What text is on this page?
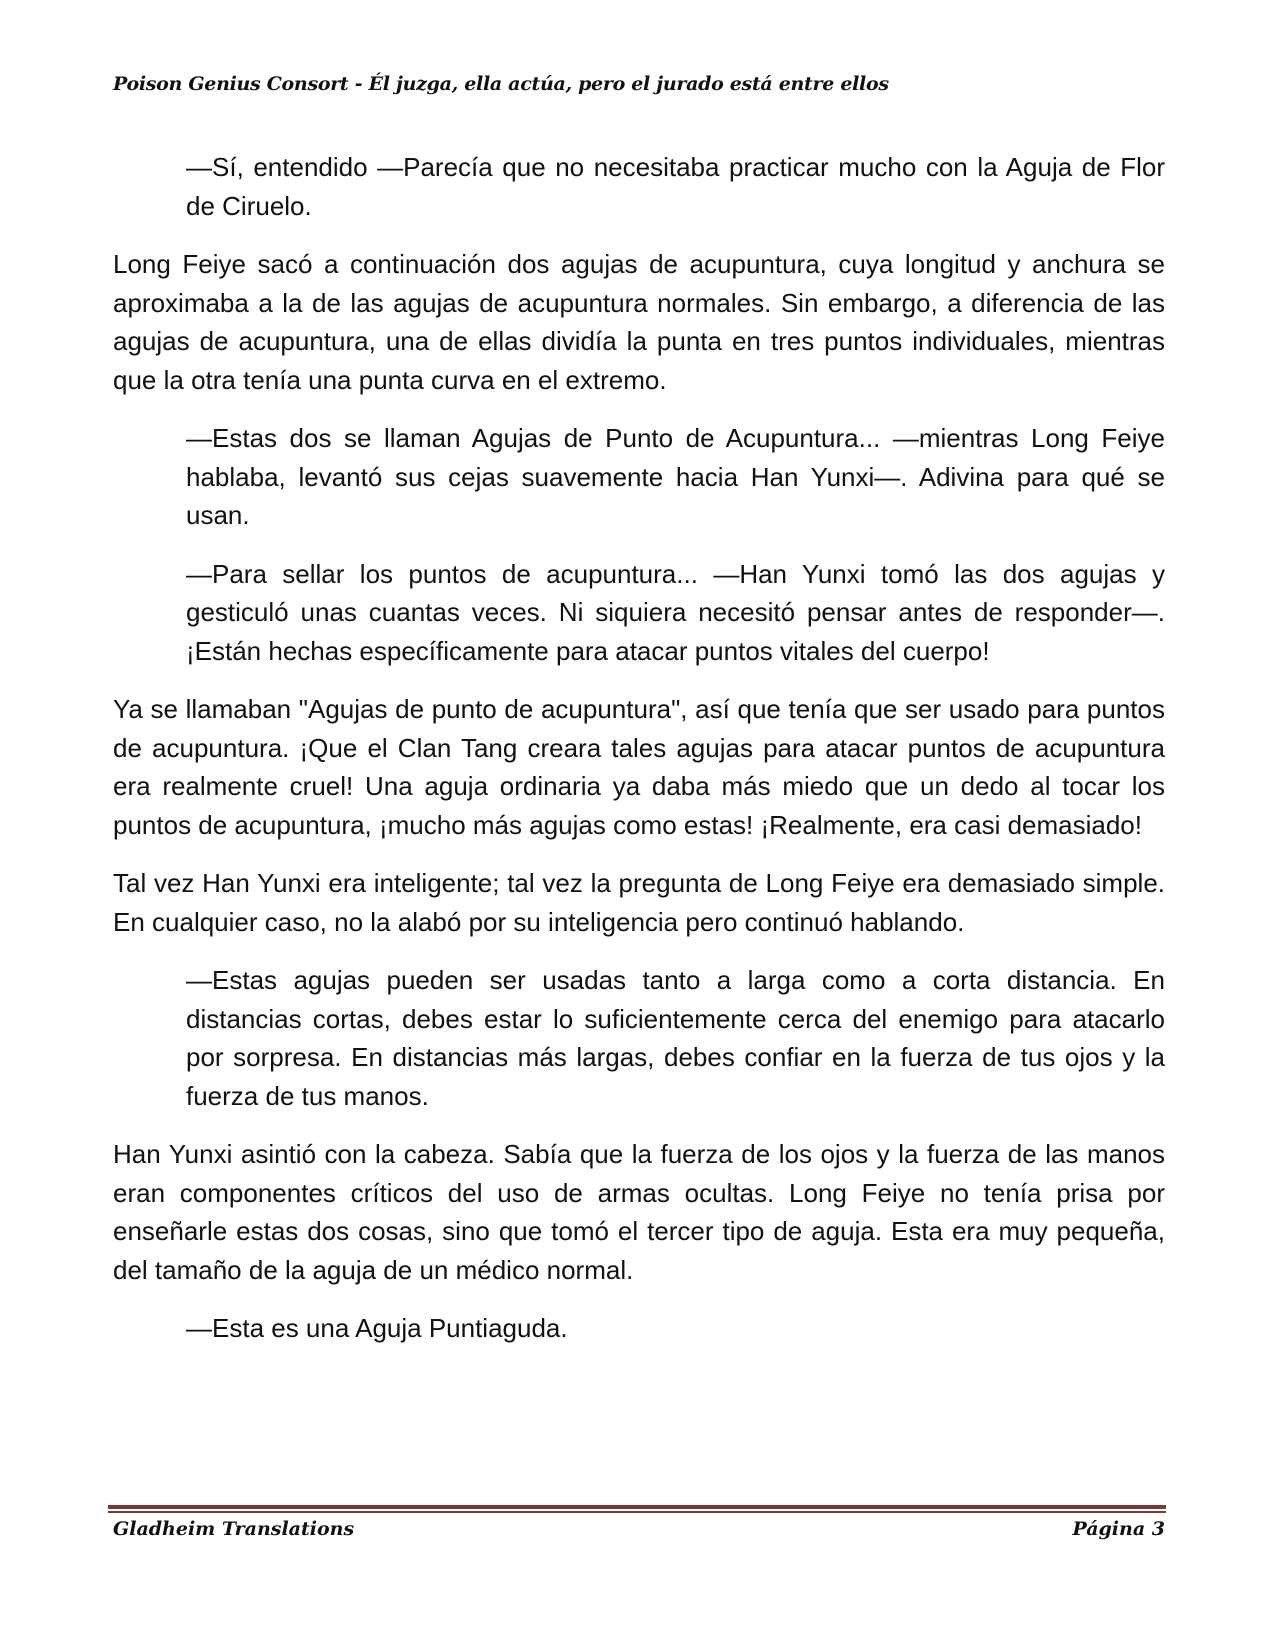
Poison Genius Consort - Él juzga, ella actúa, pero el jurado está entre ellos

—Sí, entendido —Parecía que no necesitaba practicar mucho con la Aguja de Flor de Ciruelo.

Long Feiye sacó a continuación dos agujas de acupuntura, cuya longitud y anchura se aproximaba a la de las agujas de acupuntura normales. Sin embargo, a diferencia de las agujas de acupuntura, una de ellas dividía la punta en tres puntos individuales, mientras que la otra tenía una punta curva en el extremo.

—Estas dos se llaman Agujas de Punto de Acupuntura... —mientras Long Feiye hablaba, levantó sus cejas suavemente hacia Han Yunxi—. Adivina para qué se usan.

—Para sellar los puntos de acupuntura... —Han Yunxi tomó las dos agujas y gesticuló unas cuantas veces. Ni siquiera necesitó pensar antes de responder—. ¡Están hechas específicamente para atacar puntos vitales del cuerpo!

Ya se llamaban "Agujas de punto de acupuntura", así que tenía que ser usado para puntos de acupuntura. ¡Que el Clan Tang creara tales agujas para atacar puntos de acupuntura era realmente cruel! Una aguja ordinaria ya daba más miedo que un dedo al tocar los puntos de acupuntura, ¡mucho más agujas como estas! ¡Realmente, era casi demasiado!

Tal vez Han Yunxi era inteligente; tal vez la pregunta de Long Feiye era demasiado simple. En cualquier caso, no la alabó por su inteligencia pero continuó hablando.

—Estas agujas pueden ser usadas tanto a larga como a corta distancia. En distancias cortas, debes estar lo suficientemente cerca del enemigo para atacarlo por sorpresa. En distancias más largas, debes confiar en la fuerza de tus ojos y la fuerza de tus manos.

Han Yunxi asintió con la cabeza. Sabía que la fuerza de los ojos y la fuerza de las manos eran componentes críticos del uso de armas ocultas. Long Feiye no tenía prisa por enseñarle estas dos cosas, sino que tomó el tercer tipo de aguja. Esta era muy pequeña, del tamaño de la aguja de un médico normal.

—Esta es una Aguja Puntiaguda.

Gladheim Translations	Página 3
